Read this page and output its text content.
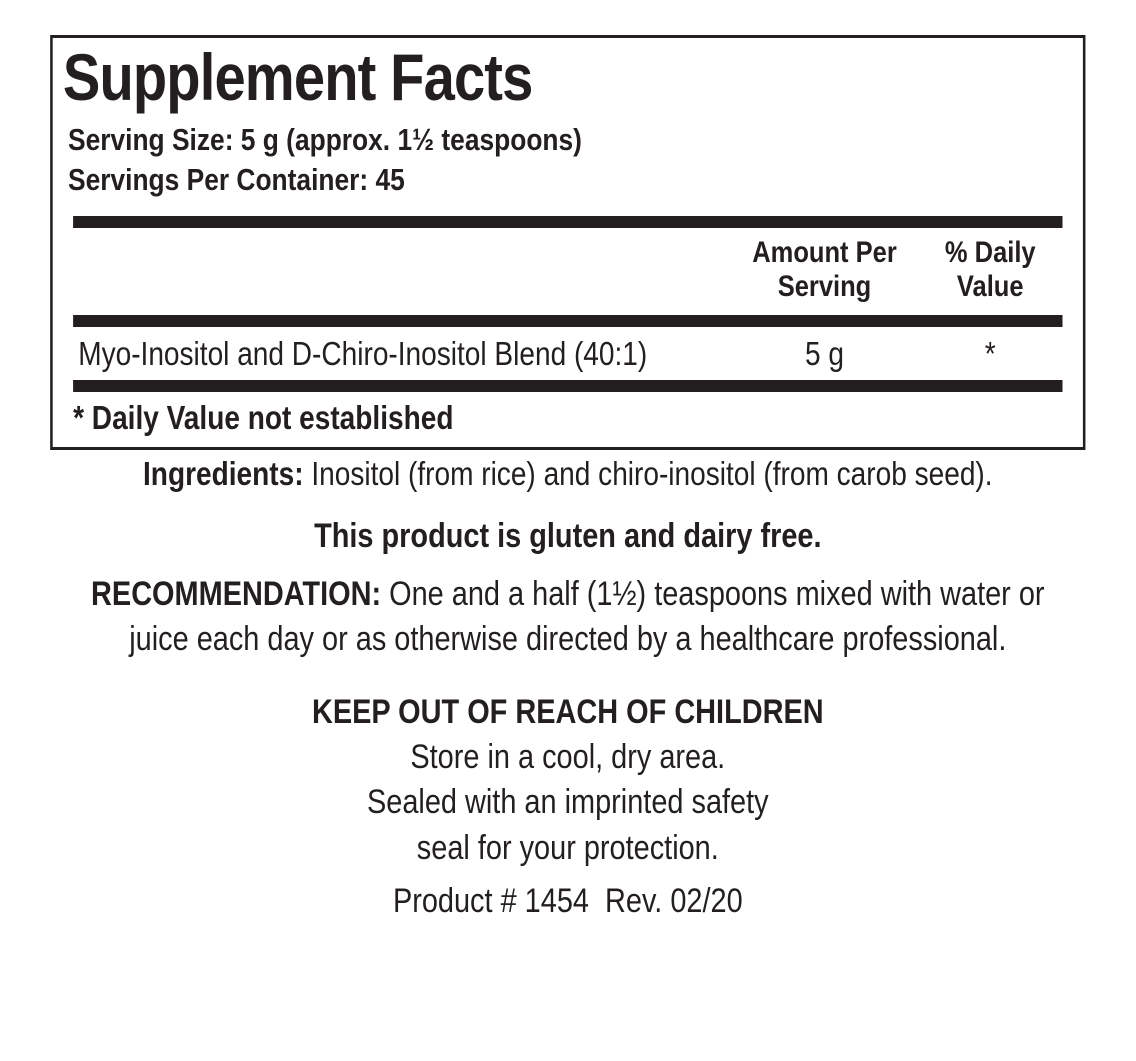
Supplement Facts
Serving Size: 5 g (approx. 1½ teaspoons)
Servings Per Container: 45
Amount Per Serving
% Daily Value
Myo-Inositol and D-Chiro-Inositol Blend (40:1)	5 g	*
* Daily Value not established
Ingredients: Inositol (from rice) and chiro-inositol (from carob seed).
This product is gluten and dairy free.
RECOMMENDATION: One and a half (1½) teaspoons mixed with water or juice each day or as otherwise directed by a healthcare professional.
KEEP OUT OF REACH OF CHILDREN
Store in a cool, dry area.
Sealed with an imprinted safety
seal for your protection.
Product # 1454  Rev. 02/20
